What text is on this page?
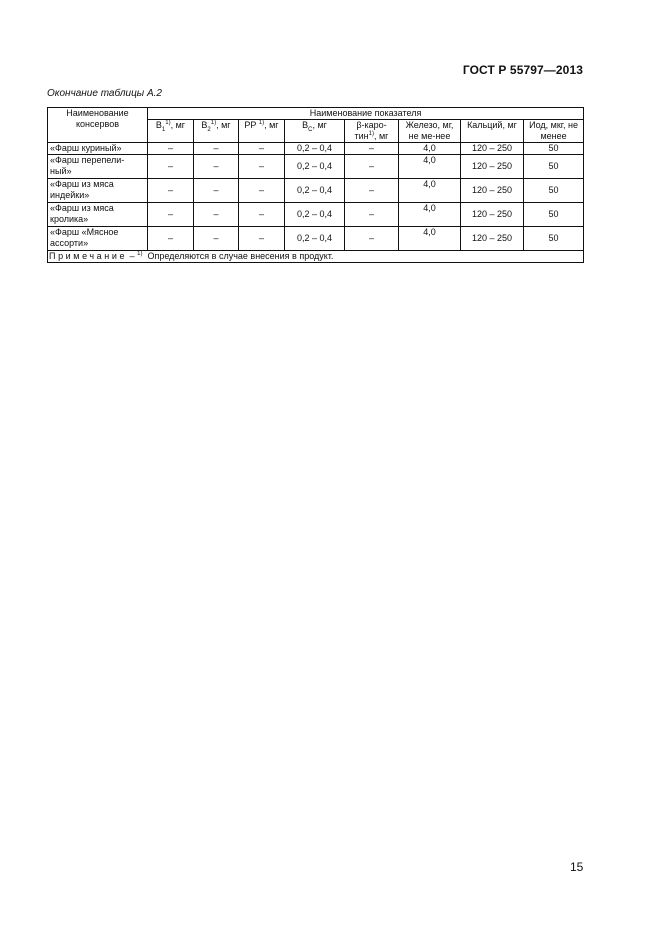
ГОСТ Р 55797—2013
Окончание таблицы А.2
Наименование консервов	Наименование показателя							
	$B_1^{1)}$, мг	$B_2^{1)}$, мг	PP $^{1)}$, мг	$B_C$, мг	β-каро-тин$^{1)}$, мг	Железо, мг, не ме-нее	Кальций, мг	Иод, мкг, не менее
«Фарш куриный»	–	–	–	0,2 – 0,4	–	4,0	120 – 250	50
«Фарш перепели-ный»	–	–	–	0,2 – 0,4	–	4,0	120 – 250	50
«Фарш из мяса индейки»	–	–	–	0,2 – 0,4	–	4,0	120 – 250	50
«Фарш из мяса кролика»	–	–	–	0,2 – 0,4	–	4,0	120 – 250	50
«Фарш «Мясное ассорти»	–	–	–	0,2 – 0,4	–	4,0	120 – 250	50
Примечание – $^{1)}$ Определяются в случае внесения в продукт.								
15
